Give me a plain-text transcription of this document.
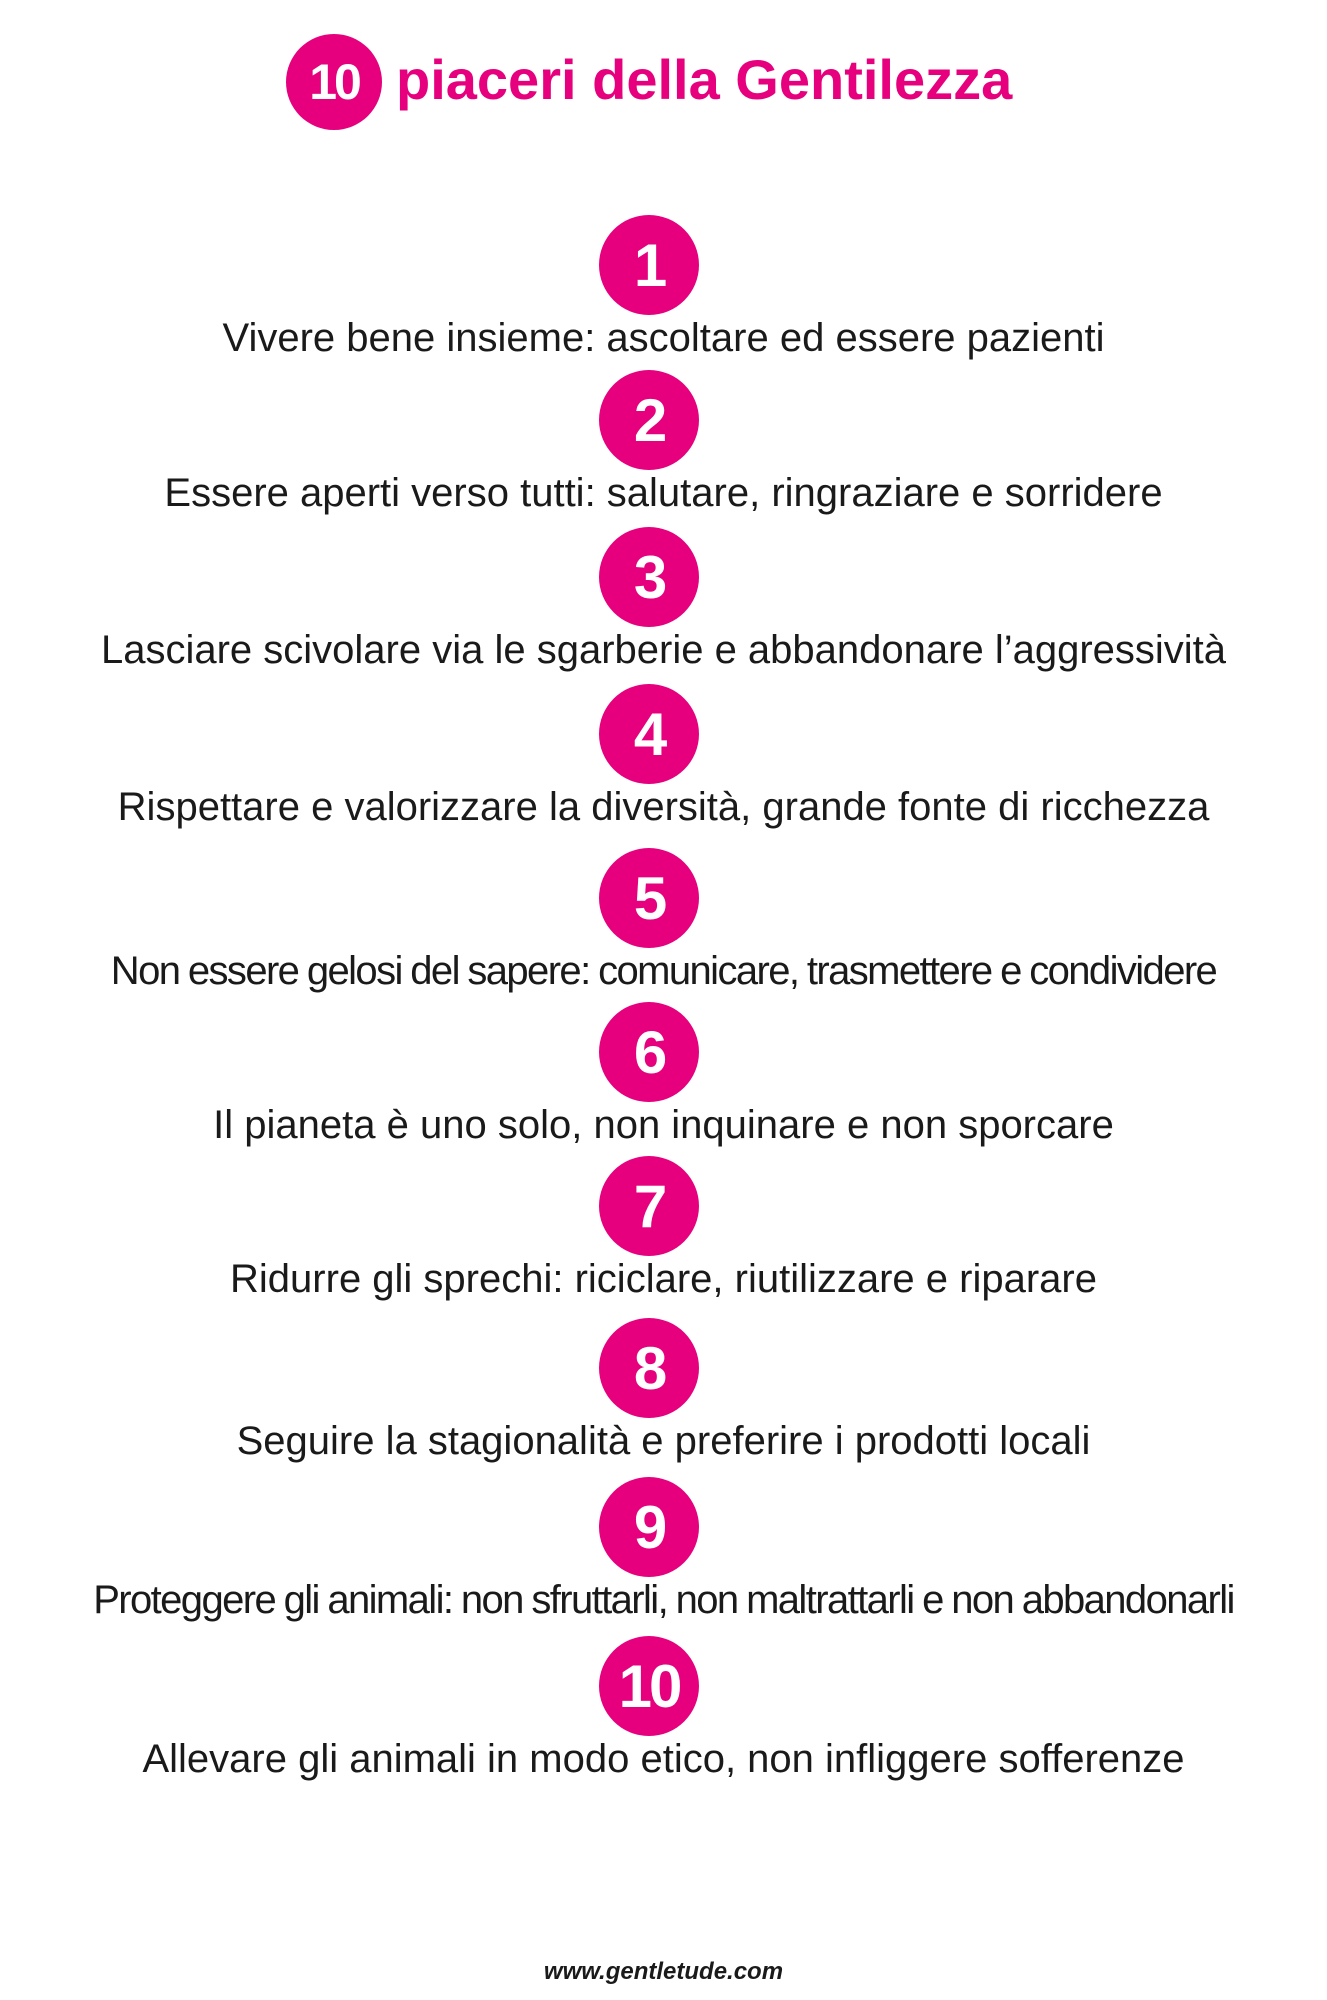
10 piaceri della Gentilezza
1
Vivere bene insieme: ascoltare ed essere pazienti
2
Essere aperti verso tutti: salutare, ringraziare e sorridere
3
Lasciare scivolare via le sgarberie e abbandonare l’aggressività
4
Rispettare e valorizzare la diversità, grande fonte di ricchezza
5
Non essere gelosi del sapere: comunicare, trasmettere e condividere
6
Il pianeta è uno solo, non inquinare e non sporcare
7
Ridurre gli sprechi: riciclare, riutilizzare e riparare
8
Seguire la stagionalità e preferire i prodotti locali
9
Proteggere gli animali: non sfruttarli, non maltrattarli e non abbandonarli
10
Allevare gli animali in modo etico, non infliggere sofferenze
www.gentletude.com
